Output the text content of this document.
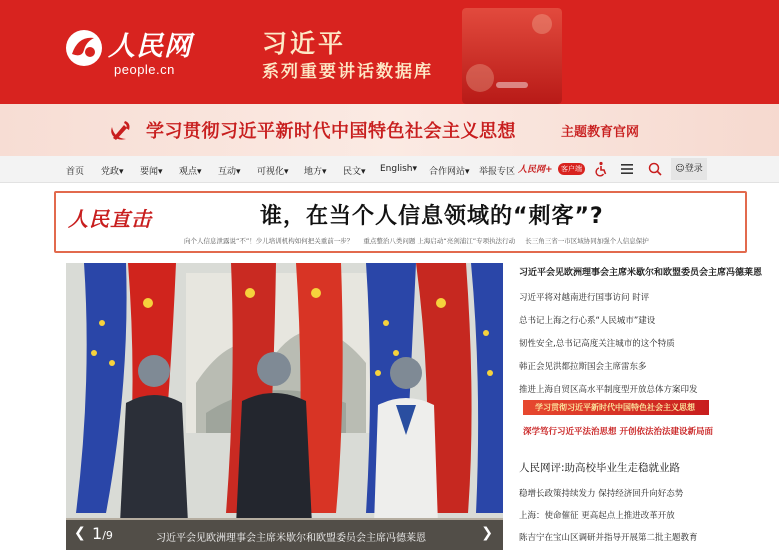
人民网
people.cn
习近平
系列重要讲话数据库
学习贯彻习近平新时代中国特色社会主义思想	主题教育官网
首页 党政▾ 要闻▾ 观点▾ 互动▾ 可视化▾ 地方▾ 民文▾ English▾ 合作网站▾ 举报专区 人民网+	客户端	☺登录
人民直击	谁，在当个人信息领域的“刺客”?
向个人信息泄露说“不”！少儿培训机构如何把关重前一步？ 重点整治八类问题 上海启动“亮剑浦江”专项执法行动 长三角三省一市区域协同加强个人信息保护
❮ 1/9	习近平会见欧洲理事会主席米歇尔和欧盟委员会主席冯德莱恩	❯
习近平会见欧洲理事会主席米歇尔和欧盟委员会主席冯德莱恩
习近平将对越南进行国事访问 时评
总书记上海之行心系“人民城市”建设
韧性安全,总书记高度关注城市的这个特质
韩正会见洪都拉斯国会主席雷东多
推进上海自贸区高水平制度型开放总体方案印发
学习贯彻习近平新时代中国特色社会主义思想
深学笃行习近平法治思想 开创依法治法建设新局面
人民网评:助高校毕业生走稳就业路
稳增长政策持续发力 保持经济回升向好态势
上海：使命催征 更高起点上推进改革开放
陈吉宁在宝山区调研并指导开展第二批主题教育
